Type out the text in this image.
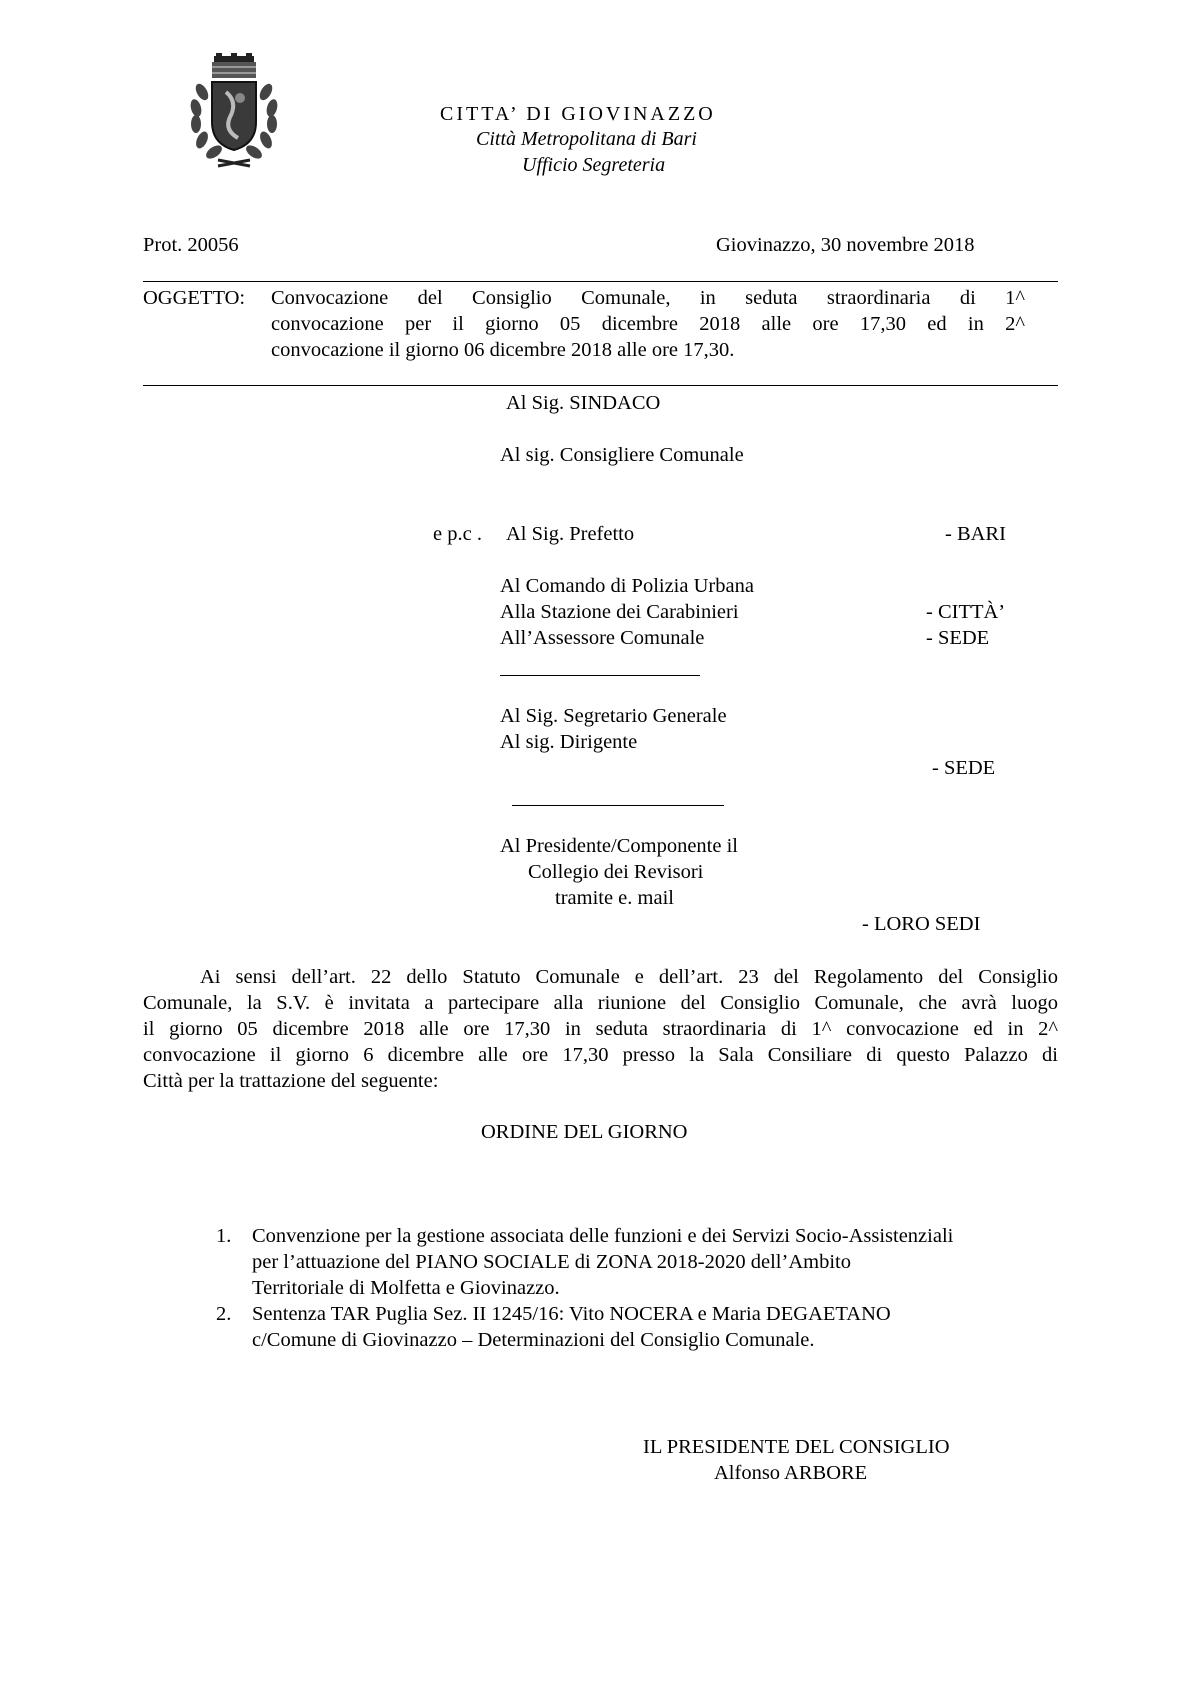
CITTA’ DI GIOVINAZZO
Città Metropolitana di Bari
Ufficio Segreteria
Prot. 20056	Giovinazzo, 30 novembre 2018
OGGETTO: Convocazione del Consiglio Comunale, in seduta straordinaria di 1^
convocazione per il giorno 05 dicembre 2018 alle ore 17,30 ed in 2^
convocazione il giorno 06 dicembre 2018 alle ore 17,30.
Al Sig. SINDACO
Al sig. Consigliere Comunale
e p.c . Al Sig. Prefetto	- BARI
Al Comando di Polizia Urbana
Alla Stazione dei Carabinieri	- CITTÀ’
All’Assessore Comunale	- SEDE
Al Sig. Segretario Generale
Al sig. Dirigente
- SEDE
Al Presidente/Componente il
Collegio dei Revisori
tramite e. mail
- LORO SEDI
Ai sensi dell’art. 22 dello Statuto Comunale e dell’art. 23 del Regolamento del Consiglio
Comunale, la S.V. è invitata a partecipare alla riunione del Consiglio Comunale, che avrà luogo
il giorno 05 dicembre 2018 alle ore 17,30 in seduta straordinaria di 1^ convocazione ed in 2^
convocazione il giorno 6 dicembre alle ore 17,30 presso la Sala Consiliare di questo Palazzo di
Città per la trattazione del seguente:
ORDINE DEL GIORNO
1. Convenzione per la gestione associata delle funzioni e dei Servizi Socio-Assistenziali
per l’attuazione del PIANO SOCIALE di ZONA 2018-2020 dell’Ambito
Territoriale di Molfetta e Giovinazzo.
2. Sentenza TAR Puglia Sez. II 1245/16: Vito NOCERA e Maria DEGAETANO
c/Comune di Giovinazzo – Determinazioni del Consiglio Comunale.
IL PRESIDENTE DEL CONSIGLIO
Alfonso ARBORE
